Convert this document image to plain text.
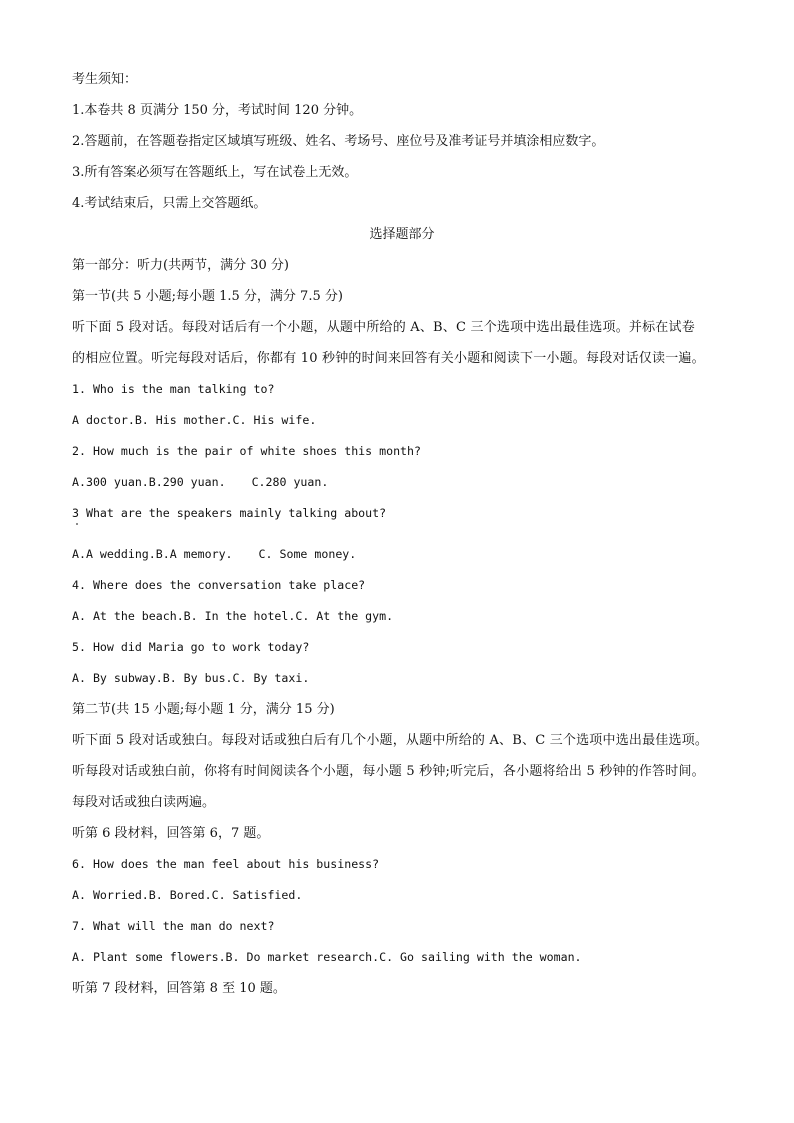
考生须知：
1.本卷共 8 页满分 150 分，考试时间 120 分钟。
2.答题前，在答题卷指定区域填写班级、姓名、考场号、座位号及准考证号并填涂相应数字。
3.所有答案必须写在答题纸上，写在试卷上无效。
4.考试结束后，只需上交答题纸。
选择题部分
第一部分：听力(共两节，满分 30 分)
第一节(共 5 小题;每小题 1.5 分，满分 7.5 分)
听下面 5 段对话。每段对话后有一个小题，从题中所给的 A、B、C 三个选项中选出最佳选项。并标在试卷
的相应位置。听完每段对话后，你都有 10 秒钟的时间来回答有关小题和阅读下一小题。每段对话仅读一遍。
1. Who is the man talking to?
A doctor.B. His mother.C. His wife.
2. How much is the pair of white shoes this month?
A.300 yuan.B.290 yuan. C.280 yuan.
3 What are the speakers mainly talking about?
A.A wedding.B.A memory. C. Some money.
4. Where does the conversation take place?
A. At the beach.B. In the hotel.C. At the gym.
5. How did Maria go to work today?
A. By subway.B. By bus.C. By taxi.
第二节(共 15 小题;每小题 1 分，满分 15 分)
听下面 5 段对话或独白。每段对话或独白后有几个小题，从题中所给的 A、B、C 三个选项中选出最佳选项。
听每段对话或独白前，你将有时间阅读各个小题，每小题 5 秒钟;听完后，各小题将给出 5 秒钟的作答时间。
每段对话或独白读两遍。
听第 6 段材料，回答第 6，7 题。
6. How does the man feel about his business?
A. Worried.B. Bored.C. Satisfied.
7. What will the man do next?
A. Plant some flowers.B. Do market research.C. Go sailing with the woman.
听第 7 段材料，回答第 8 至 10 题。
